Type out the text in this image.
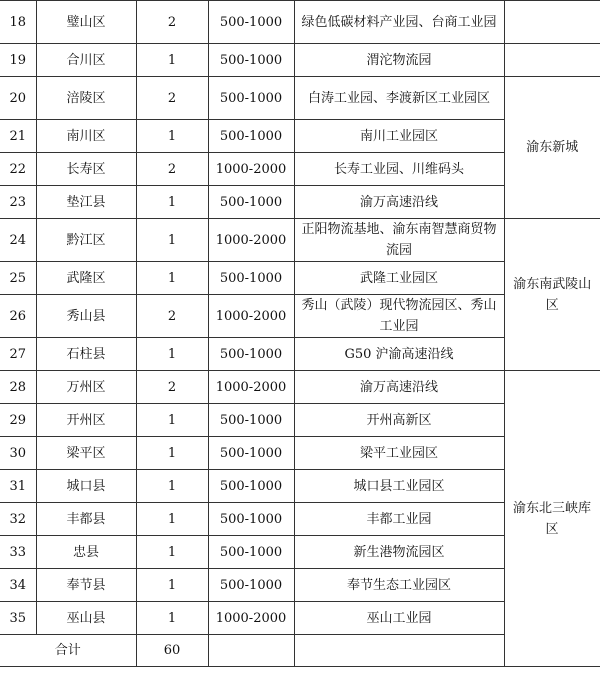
18	璧山区	2	500-1000	绿色低碳材料产业园、台商工业园		
19	合川区	1	500-1000	渭沱物流园		
20	涪陵区	2	500-1000	白涛工业园、李渡新区工业园区	渝东新城	
21	南川区	1	500-1000	南川工业园区		
22	长寿区	2	1000-2000	长寿工业园、川维码头		
23	垫江县	1	500-1000	渝万高速沿线		
24	黔江区	1	1000-2000	正阳物流基地、渝东南智慧商贸物流园	渝东南武陵山区	
25	武隆区	1	500-1000	武隆工业园区		
26	秀山县	2	1000-2000	秀山（武陵）现代物流园区、秀山工业园		
27	石柱县	1	500-1000	G50 沪渝高速沿线		
28	万州区	2	1000-2000	渝万高速沿线	渝东北三峡库区	
29	开州区	1	500-1000	开州高新区		
30	梁平区	1	500-1000	梁平工业园区		
31	城口县	1	500-1000	城口县工业园区		
32	丰都县	1	500-1000	丰都工业园		
33	忠县	1	500-1000	新生港物流园区		
34	奉节县	1	500-1000	奉节生态工业园区		
35	巫山县	1	1000-2000	巫山工业园		
合计		60				
